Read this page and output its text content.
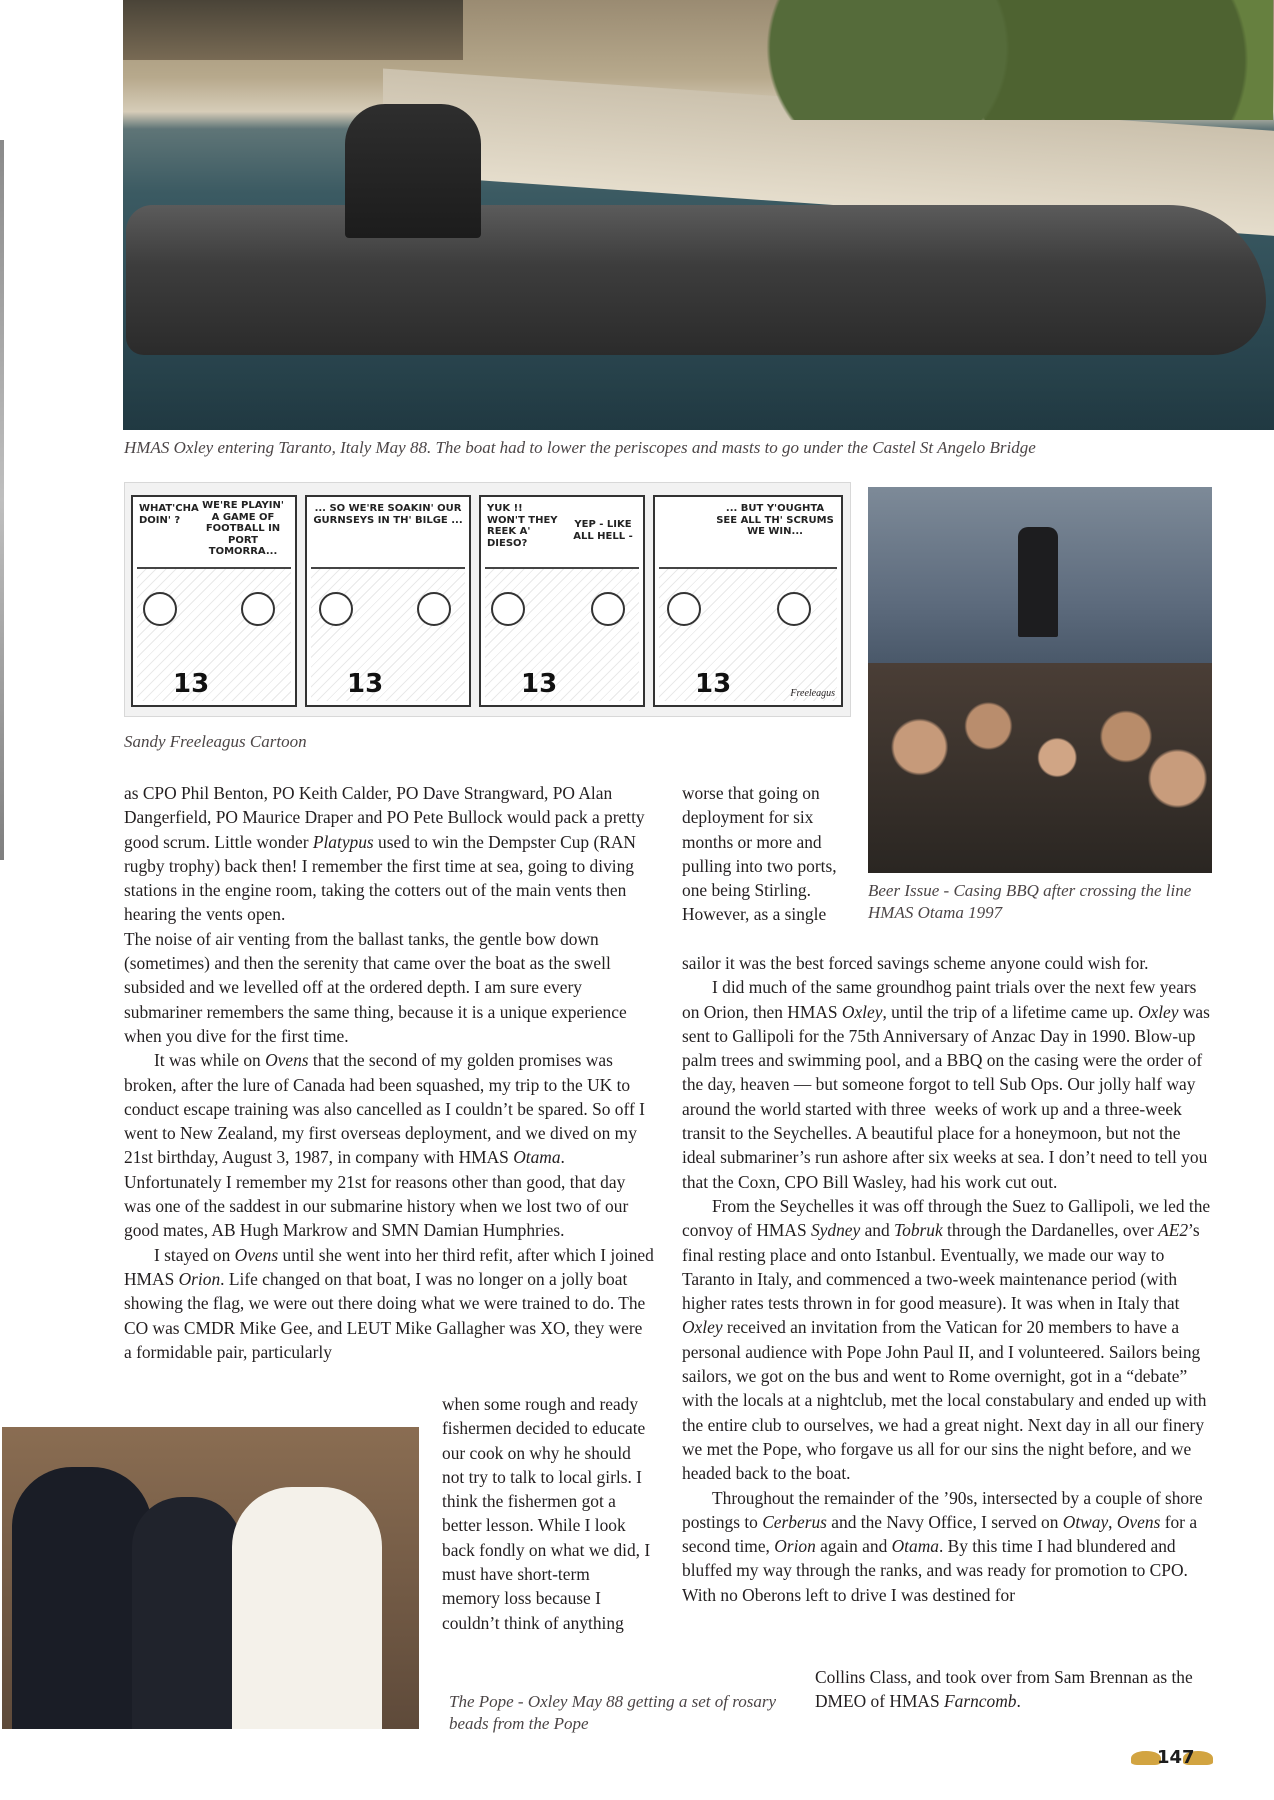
HMAS Oxley entering Taranto, Italy May 88. The boat had to lower the periscopes and masts to go under the Castel St Angelo Bridge
WHAT'CHA DOIN' ?
WE'RE PLAYIN' A GAME OF FOOTBALL IN PORT TOMORRA...
13
... SO WE'RE SOAKIN' OUR GURNSEYS IN TH' BILGE ...
13
YUK !! WON'T THEY REEK A' DIESO?
YEP - LIKE ALL HELL -
13
... BUT Y'OUGHTA SEE ALL TH' SCRUMS WE WIN...
13	Freeleagus
Sandy Freeleagus Cartoon
Beer Issue - Casing BBQ after crossing the line
HMAS Otama 1997
The Pope - Oxley May 88 getting a set of rosary
beads from the Pope

as CPO Phil Benton, PO Keith Calder, PO Dave Strangward, PO Alan Dangerfield, PO Maurice Draper and PO Pete Bullock would pack a pretty good scrum. Little wonder Platypus used to win the Dempster Cup (RAN rugby trophy) back then! I remember the first time at sea, going to diving stations in the engine room, taking the cotters out of the main vents then hearing the vents open.

The noise of air venting from the ballast tanks, the gentle bow down (sometimes) and then the serenity that came over the boat as the swell subsided and we levelled off at the ordered depth. I am sure every submariner remembers the same thing, because it is a unique experience when you dive for the first time.

It was while on Ovens that the second of my golden promises was broken, after the lure of Canada had been squashed, my trip to the UK to conduct escape training was also cancelled as I couldn’t be spared. So off I went to New Zealand, my first overseas deployment, and we dived on my 21st birthday, August 3, 1987, in company with HMAS Otama. Unfortunately I remember my 21st for reasons other than good, that day was one of the saddest in our submarine history when we lost two of our good mates, AB Hugh Markrow and SMN Damian Humphries.

I stayed on Ovens until she went into her third refit, after which I joined HMAS Orion. Life changed on that boat, I was no longer on a jolly boat showing the flag, we were out there doing what we were trained to do. The CO was CMDR Mike Gee, and LEUT Mike Gallagher was XO, they were a formidable pair, particularly

when some rough and ready fishermen decided to educate our cook on why he should not try to talk to local girls. I think the fishermen got a better lesson. While I look back fondly on what we did, I must have short-term memory loss because I couldn’t think of anything

worse that going on deployment for six months or more and pulling into two ports, one being Stirling. However, as a single

sailor it was the best forced savings scheme anyone could wish for.

I did much of the same groundhog paint trials over the next few years on Orion, then HMAS Oxley, until the trip of a lifetime came up. Oxley was sent to Gallipoli for the 75th Anniversary of Anzac Day in 1990. Blow-up palm trees and swimming pool, and a BBQ on the casing were the order of the day, heaven — but someone forgot to tell Sub Ops. Our jolly half way around the world started with three  weeks of work up and a three-week transit to the Seychelles. A beautiful place for a honeymoon, but not the ideal submariner’s run ashore after six weeks at sea. I don’t need to tell you that the Coxn, CPO Bill Wasley, had his work cut out.

From the Seychelles it was off through the Suez to Gallipoli, we led the convoy of HMAS Sydney and Tobruk through the Dardanelles, over AE2’s final resting place and onto Istanbul. Eventually, we made our way to Taranto in Italy, and commenced a two-week maintenance period (with higher rates tests thrown in for good measure). It was when in Italy that Oxley received an invitation from the Vatican for 20 members to have a personal audience with Pope John Paul II, and I volunteered. Sailors being sailors, we got on the bus and went to Rome overnight, got in a “debate” with the locals at a nightclub, met the local constabulary and ended up with the entire club to ourselves, we had a great night. Next day in all our finery we met the Pope, who forgave us all for our sins the night before, and we headed back to the boat.

Throughout the remainder of the ’90s, intersected by a couple of shore postings to Cerberus and the Navy Office, I served on Otway, Ovens for a second time, Orion again and Otama. By this time I had blundered and bluffed my way through the ranks, and was ready for promotion to CPO. With no Oberons left to drive I was destined for

Collins Class, and took over from Sam Brennan as the DMEO of HMAS Farncomb.

147
